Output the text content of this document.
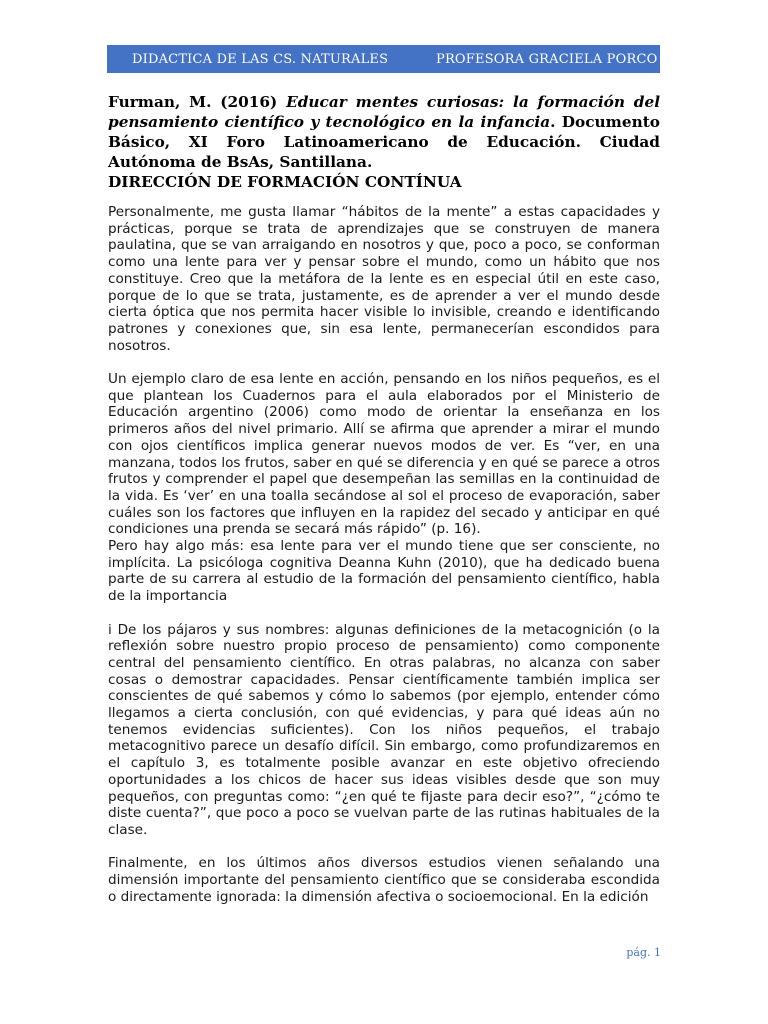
DIDACTICA DE LAS CS. NATURALES	PROFESORA GRACIELA PORCO

Furman, M. (2016) Educar mentes curiosas: la formación del pensamiento científico y tecnológico en la infancia. Documento Básico, XI Foro Latinoamericano de Educación. Ciudad Autónoma de BsAs, Santillana.

DIRECCIÓN DE FORMACIÓN CONTÍNUA

Personalmente, me gusta llamar “hábitos de la mente” a estas capacidades y prácticas, porque se trata de aprendizajes que se construyen de manera paulatina, que se van arraigando en nosotros y que, poco a poco, se conforman como una lente para ver y pensar sobre el mundo, como un hábito que nos constituye. Creo que la metáfora de la lente es en especial útil en este caso, porque de lo que se trata, justamente, es de aprender a ver el mundo desde cierta óptica que nos permita hacer visible lo invisible, creando e identificando patrones y conexiones que, sin esa lente, permanecerían escondidos para nosotros.

Un ejemplo claro de esa lente en acción, pensando en los niños pequeños, es el que plantean los Cuadernos para el aula elaborados por el Ministerio de Educación argentino (2006) como modo de orientar la enseñanza en los primeros años del nivel primario. Allí se afirma que aprender a mirar el mundo con ojos científicos implica generar nuevos modos de ver. Es “ver, en una manzana, todos los frutos, saber en qué se diferencia y en qué se parece a otros frutos y comprender el papel que desempeñan las semillas en la continuidad de la vida. Es ‘ver’ en una toalla secándose al sol el proceso de evaporación, saber cuáles son los factores que influyen en la rapidez del secado y anticipar en qué condiciones una prenda se secará más rápido” (p. 16).

Pero hay algo más: esa lente para ver el mundo tiene que ser consciente, no implícita. La psicóloga cognitiva Deanna Kuhn (2010), que ha dedicado buena parte de su carrera al estudio de la formación del pensamiento científico, habla de la importancia

i De los pájaros y sus nombres: algunas definiciones de la metacognición (o la reflexión sobre nuestro propio proceso de pensamiento) como componente central del pensamiento científico. En otras palabras, no alcanza con saber cosas o demostrar capacidades. Pensar científicamente también implica ser conscientes de qué sabemos y cómo lo sabemos (por ejemplo, entender cómo llegamos a cierta conclusión, con qué evidencias, y para qué ideas aún no tenemos evidencias suficientes). Con los niños pequeños, el trabajo metacognitivo parece un desafío difícil. Sin embargo, como profundizaremos en el capítulo 3, es totalmente posible avanzar en este objetivo ofreciendo oportunidades a los chicos de hacer sus ideas visibles desde que son muy pequeños, con preguntas como: “¿en qué te fijaste para decir eso?”, “¿cómo te diste cuenta?”, que poco a poco se vuelvan parte de las rutinas habituales de la clase.

Finalmente, en los últimos años diversos estudios vienen señalando una dimensión importante del pensamiento científico que se consideraba escondida o directamente ignorada: la dimensión afectiva o socioemocional. En la edición

pág. 1
